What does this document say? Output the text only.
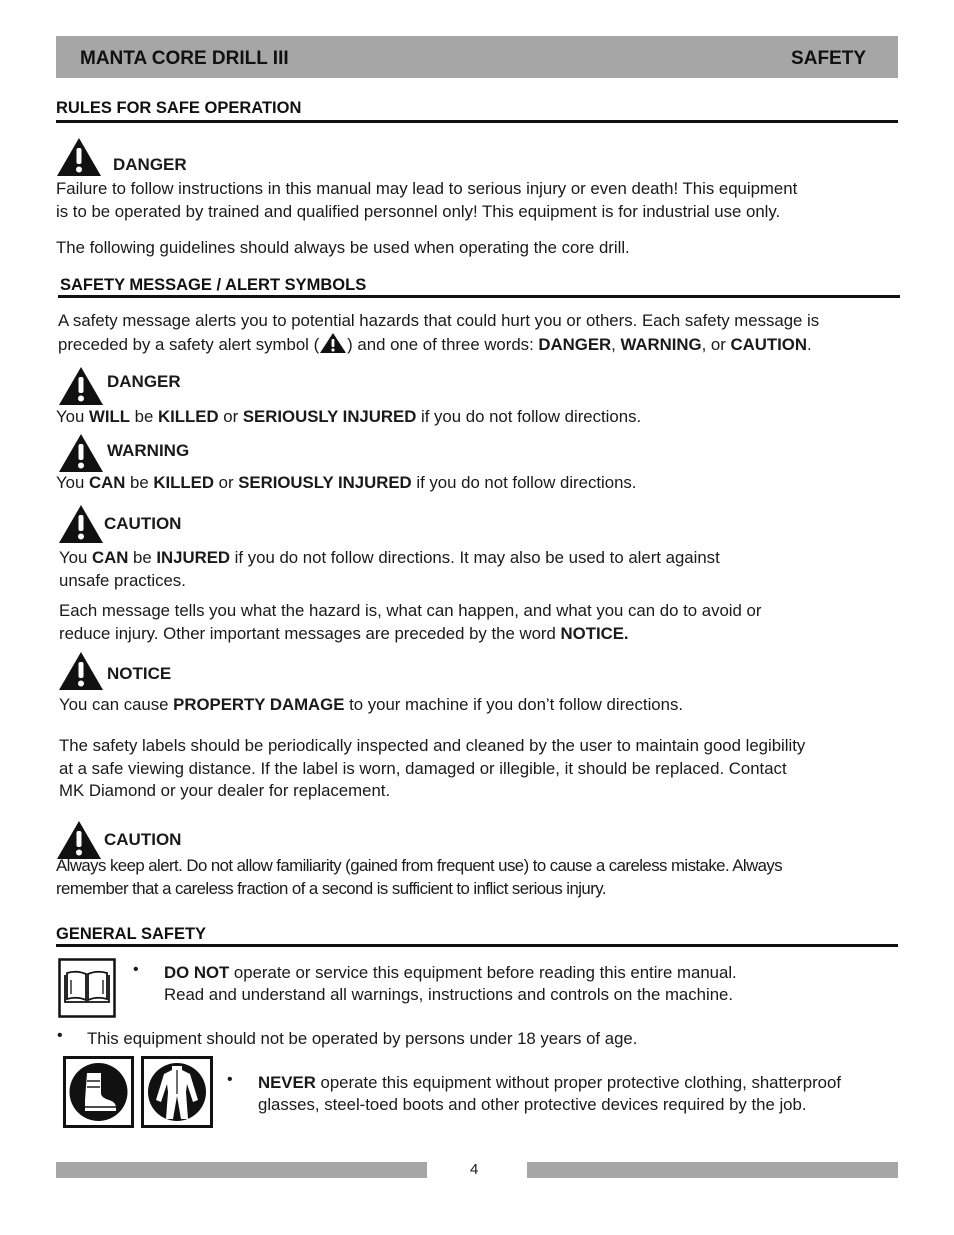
MANTA CORE DRILL III	SAFETY
RULES FOR SAFE OPERATION
DANGER
Failure to follow instructions in this manual may lead to serious injury or even death! This equipment
is to be operated by trained and qualified personnel only! This equipment is for industrial use only.
The following guidelines should always be used when operating the core drill.
SAFETY MESSAGE / ALERT SYMBOLS
A safety message alerts you to potential hazards that could hurt you or others. Each safety message is
preceded by a safety alert symbol ( ) and one of three words: DANGER, WARNING, or CAUTION.
DANGER
You WILL be KILLED or SERIOUSLY INJURED if you do not follow directions.
WARNING
You CAN be KILLED or SERIOUSLY INJURED if you do not follow directions.
CAUTION
You CAN be INJURED if you do not follow directions. It may also be used to alert against
unsafe practices.
Each message tells you what the hazard is, what can happen, and what you can do to avoid or
reduce injury. Other important messages are preceded by the word NOTICE.
NOTICE
You can cause PROPERTY DAMAGE to your machine if you don’t follow directions.
The safety labels should be periodically inspected and cleaned by the user to maintain good legibility
at a safe viewing distance. If the label is worn, damaged or illegible, it should be replaced. Contact
MK Diamond or your dealer for replacement.
CAUTION
Always keep alert. Do not allow familiarity (gained from frequent use) to cause a careless mistake. Always
remember that a careless fraction of a second is sufficient to inflict serious injury.
GENERAL SAFETY
• DO NOT operate or service this equipment before reading this entire manual.
Read and understand all warnings, instructions and controls on the machine.
• This equipment should not be operated by persons under 18 years of age.
• NEVER operate this equipment without proper protective clothing, shatterproof
glasses, steel-toed boots and other protective devices required by the job.
4
